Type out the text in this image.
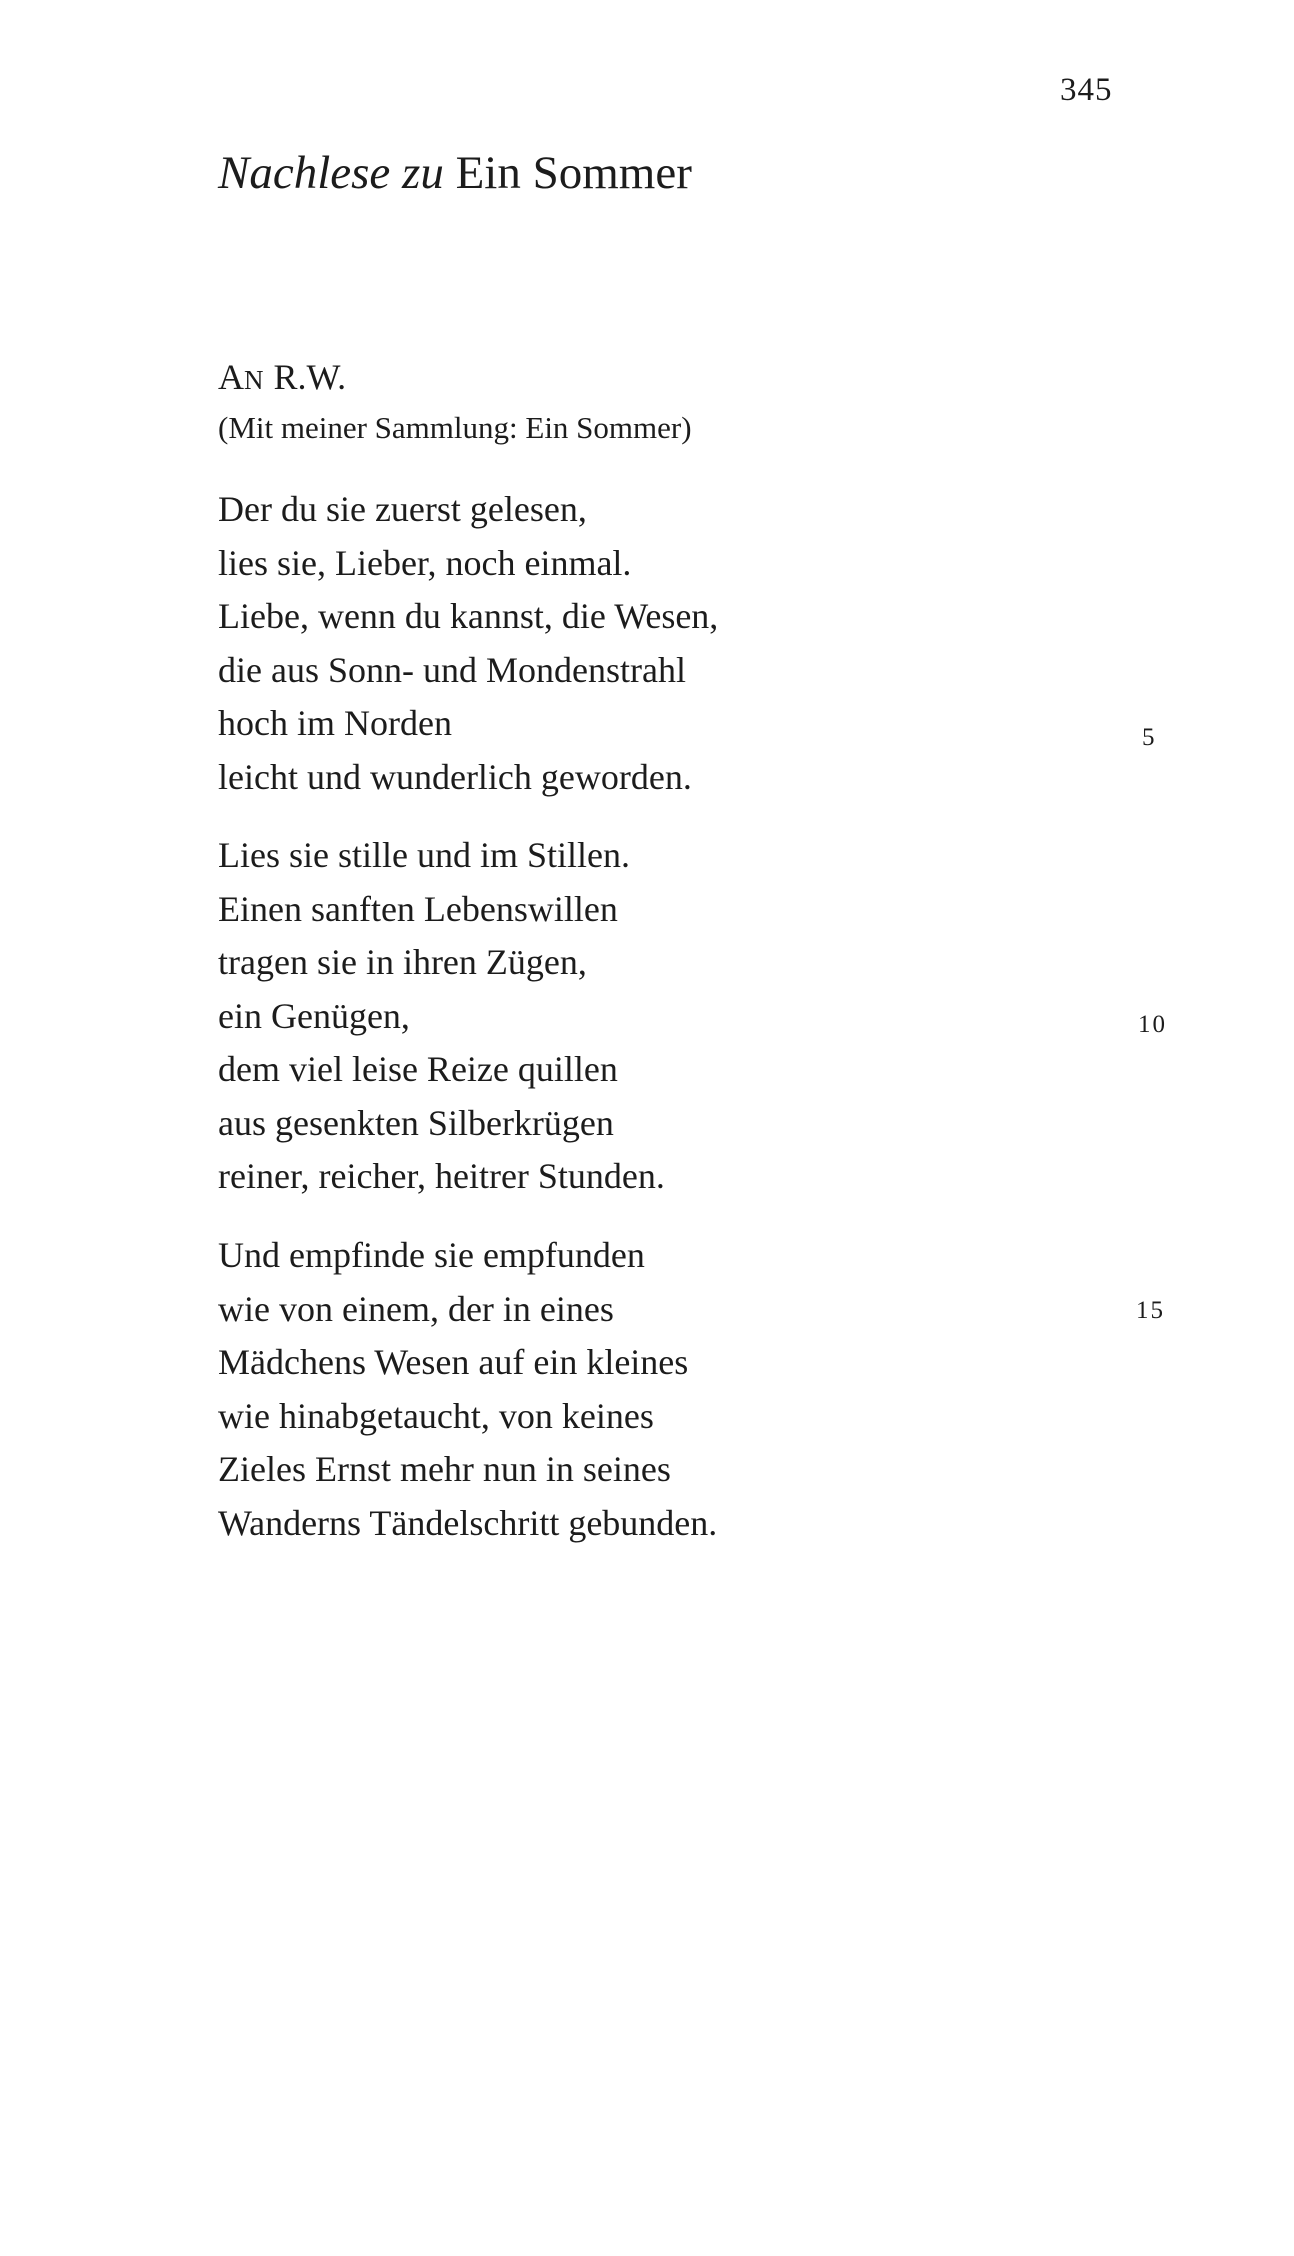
345
Nachlese zu Ein Sommer
AN R.W.
(Mit meiner Sammlung: Ein Sommer)
Der du sie zuerst gelesen,
lies sie, Lieber, noch einmal.
Liebe, wenn du kannst, die Wesen,
die aus Sonn- und Mondenstrahl
hoch im Norden
leicht und wunderlich geworden.
Lies sie stille und im Stillen.
Einen sanften Lebenswillen
tragen sie in ihren Zügen,
ein Genügen,
dem viel leise Reize quillen
aus gesenkten Silberkrügen
reiner, reicher, heitrer Stunden.
Und empfinde sie empfunden
wie von einem, der in eines
Mädchens Wesen auf ein kleines
wie hinabgetaucht, von keines
Zieles Ernst mehr nun in seines
Wanderns Tändelschritt gebunden.
5
10
15
